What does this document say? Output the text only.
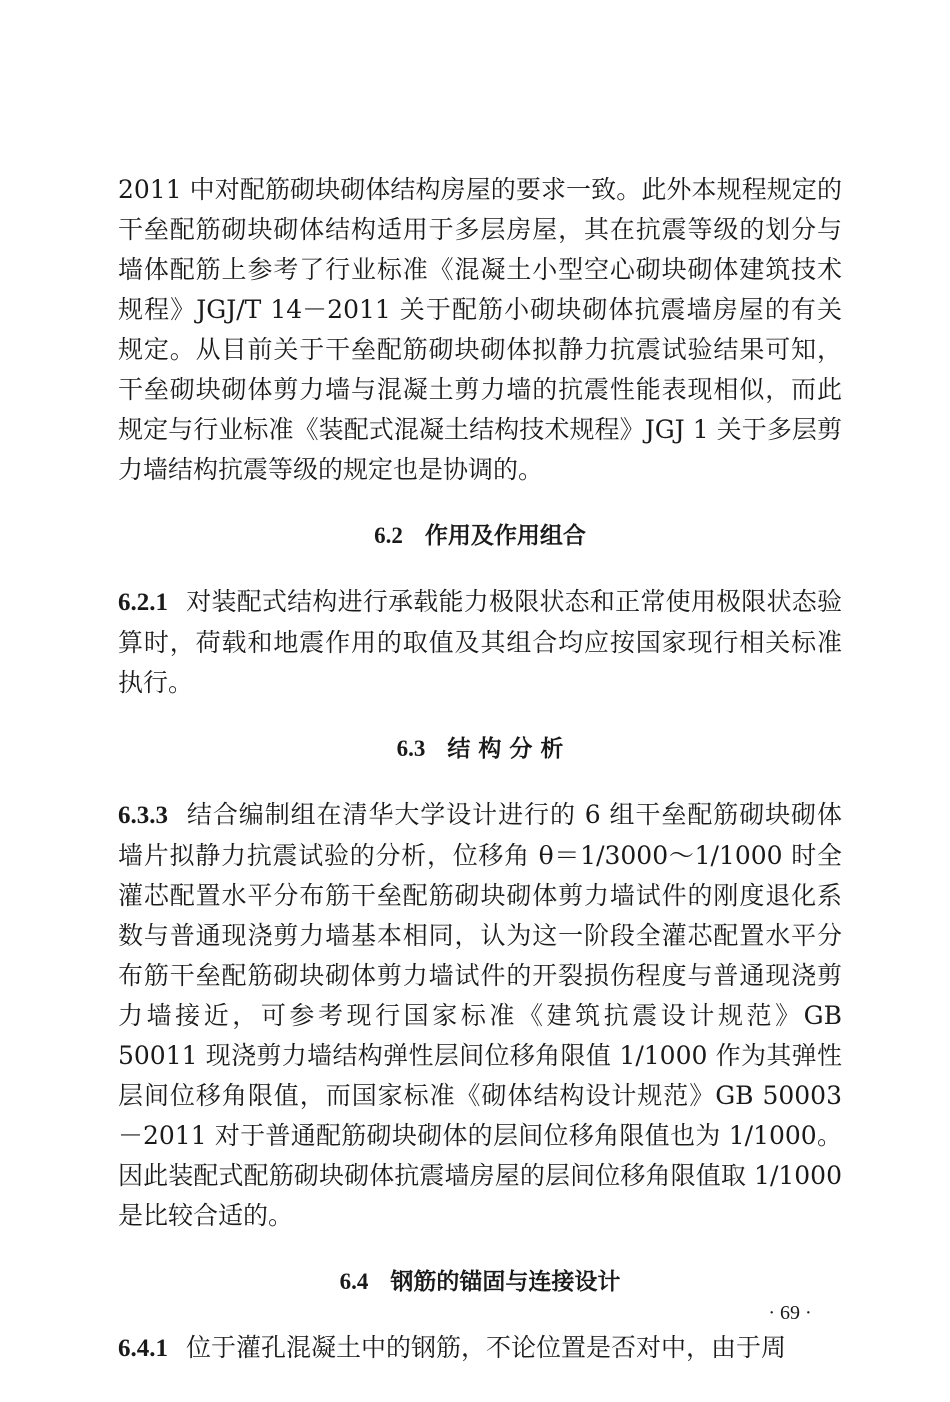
2011 中对配筋砌块砌体结构房屋的要求一致。此外本规程规定的干垒配筋砌块砌体结构适用于多层房屋，其在抗震等级的划分与墙体配筋上参考了行业标准《混凝土小型空心砌块砌体建筑技术规程》JGJ/T 14－2011 关于配筋小砌块砌体抗震墙房屋的有关规定。从目前关于干垒配筋砌块砌体拟静力抗震试验结果可知，干垒砌块砌体剪力墙与混凝土剪力墙的抗震性能表现相似，而此规定与行业标准《装配式混凝土结构技术规程》JGJ 1 关于多层剪力墙结构抗震等级的规定也是协调的。

6.2 作用及作用组合

6.2.1 对装配式结构进行承载能力极限状态和正常使用极限状态验算时，荷载和地震作用的取值及其组合均应按国家现行相关标准执行。

6.3 结 构 分 析

6.3.3 结合编制组在清华大学设计进行的 6 组干垒配筋砌块砌体墙片拟静力抗震试验的分析，位移角 θ＝1/3000～1/1000 时全灌芯配置水平分布筋干垒配筋砌块砌体剪力墙试件的刚度退化系数与普通现浇剪力墙基本相同，认为这一阶段全灌芯配置水平分布筋干垒配筋砌块砌体剪力墙试件的开裂损伤程度与普通现浇剪力墙接近，可参考现行国家标准《建筑抗震设计规范》GB 50011 现浇剪力墙结构弹性层间位移角限值 1/1000 作为其弹性层间位移角限值，而国家标准《砌体结构设计规范》GB 50003－2011 对于普通配筋砌块砌体的层间位移角限值也为 1/1000。因此装配式配筋砌块砌体抗震墙房屋的层间位移角限值取 1/1000 是比较合适的。

6.4 钢筋的锚固与连接设计

6.4.1 位于灌孔混凝土中的钢筋，不论位置是否对中，由于周

· 69 ·
